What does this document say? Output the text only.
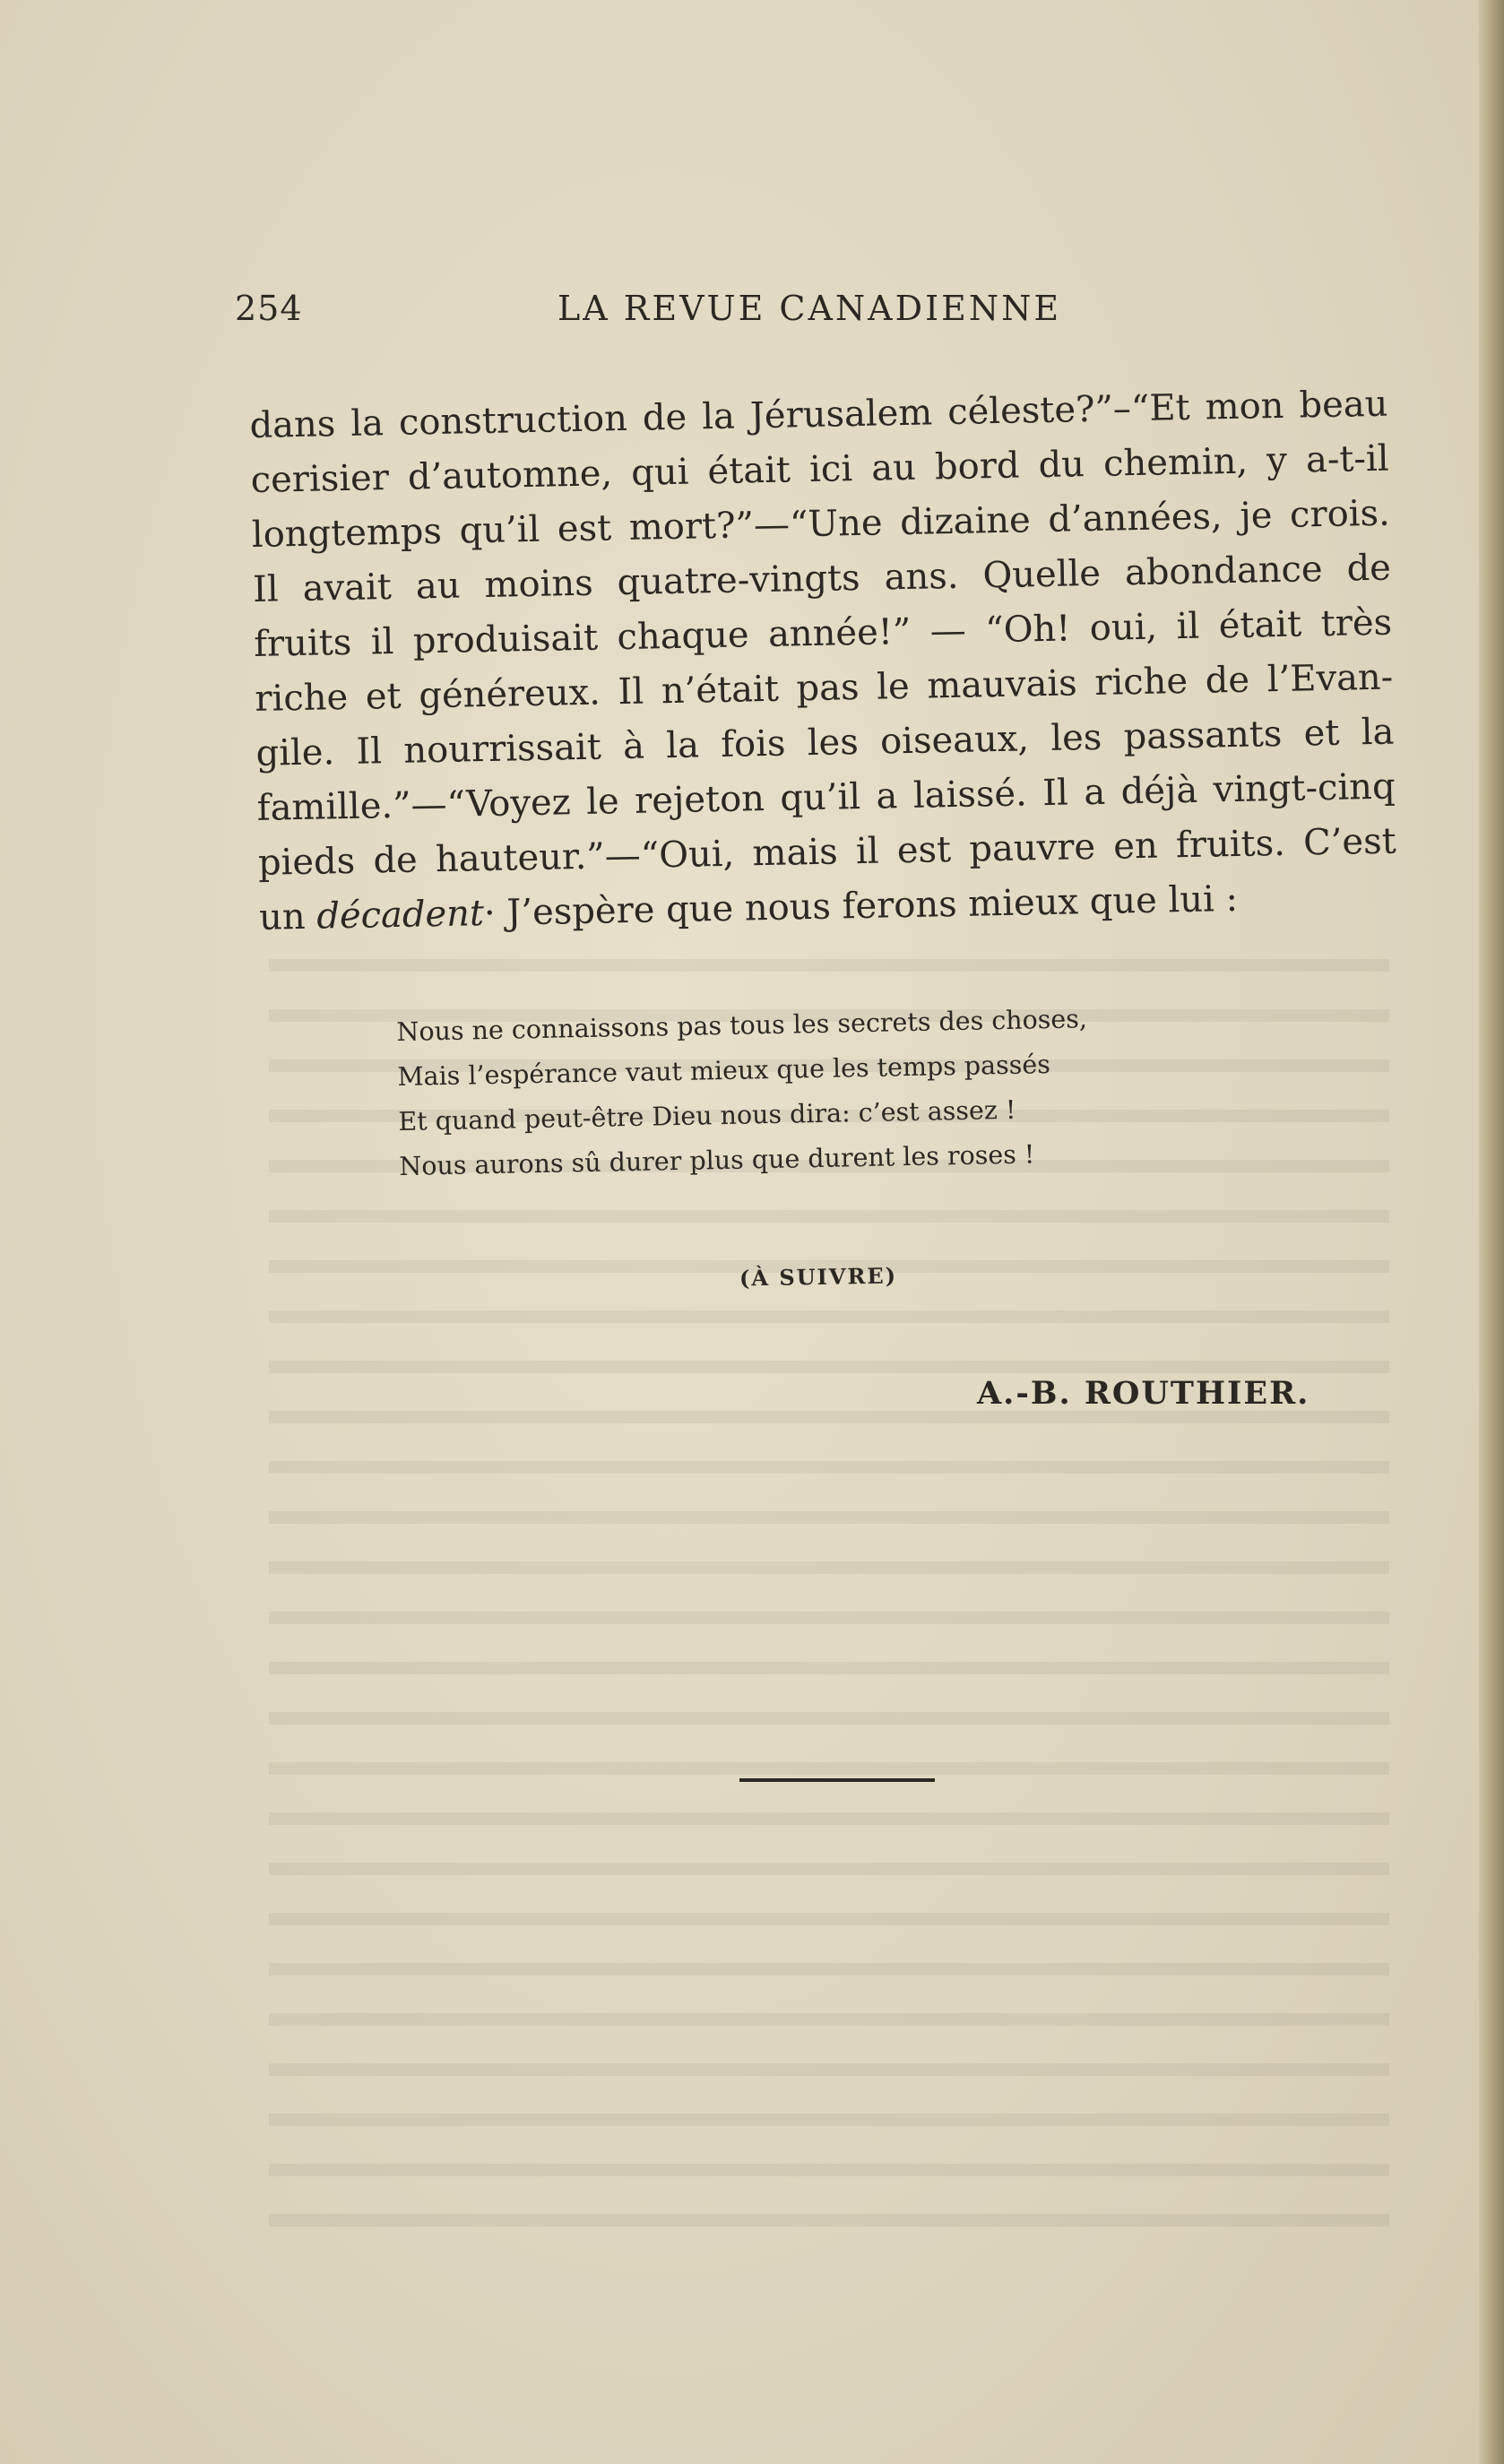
254	LA REVUE CANADIENNE
dans la construction de la Jérusalem céleste?”–“Et mon beau
cerisier d’automne, qui était ici au bord du chemin, y a-t-il
longtemps qu’il est mort?”—“Une dizaine d’années, je crois.
Il avait au moins quatre-vingts ans. Quelle abondance de
fruits il produisait chaque année!” — “Oh! oui, il était très
riche et généreux. Il n’était pas le mauvais riche de l’Evan-
gile. Il nourrissait à la fois les oiseaux, les passants et la
famille.”—“Voyez le rejeton qu’il a laissé. Il a déjà vingt-cinq
pieds de hauteur.”—“Oui, mais il est pauvre en fruits. C’est
un décadent· J’espère que nous ferons mieux que lui :
Nous ne connaissons pas tous les secrets des choses,
Mais l’espérance vaut mieux que les temps passés
Et quand peut-être Dieu nous dira: c’est assez !
Nous aurons sû durer plus que durent les roses !
(À SUIVRE)
A.-B. ROUTHIER.
